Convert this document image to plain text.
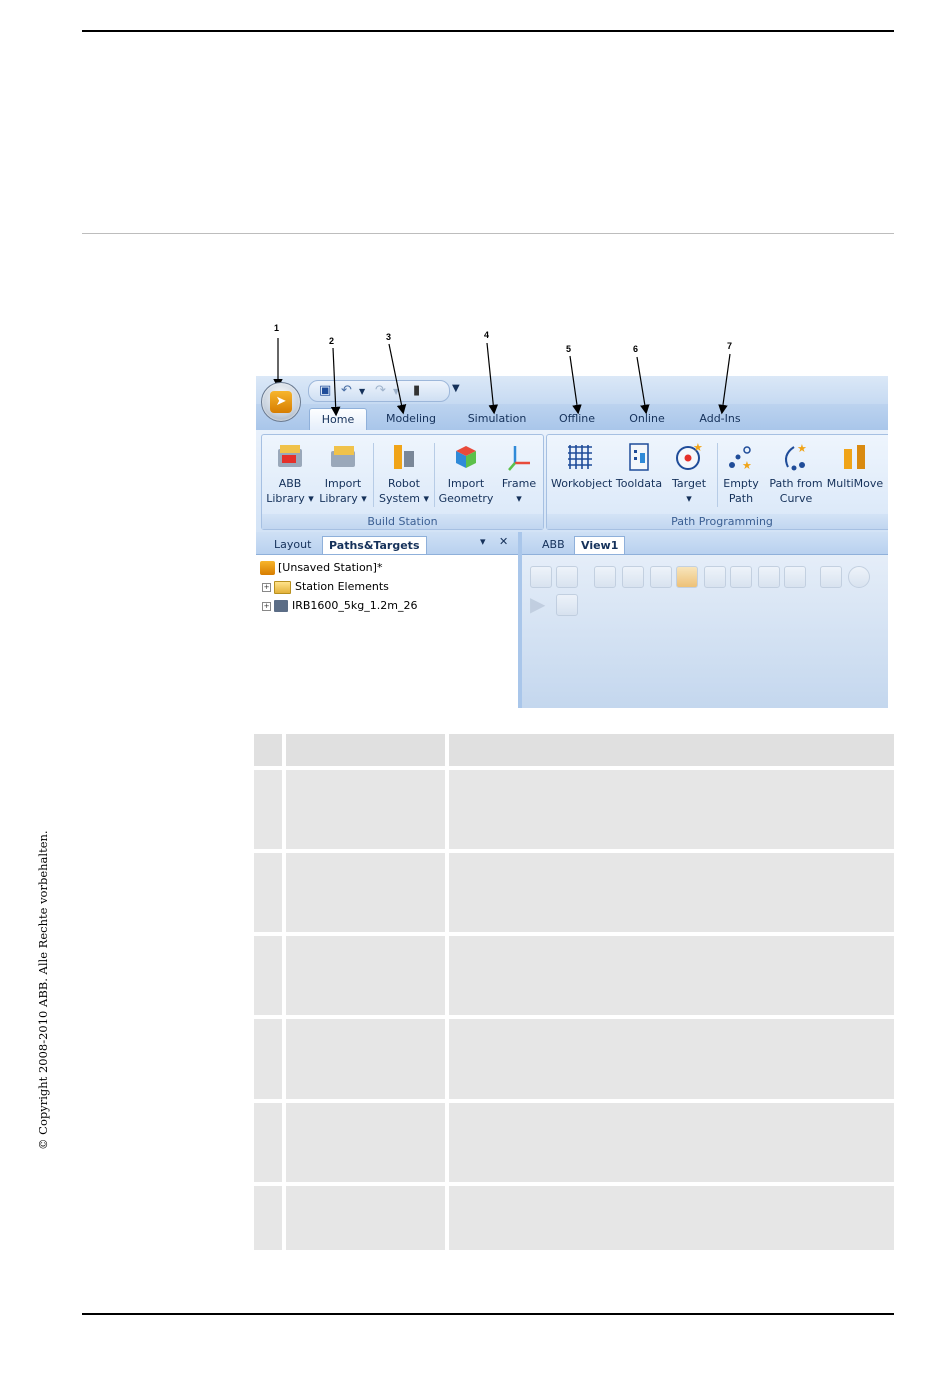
© Copyright 2008-2010 ABB. Alle Rechte vorbehalten.
▣ ↶ ▼ ↷ ▼ ▮	▼
➤
Home	Modeling	Simulation	Offline	Online	Add-Ins
ABB
Library ▾
Import
Library ▾
Robot
System ▾
Import
Geometry
Frame
▾
Build Station
Workobject Tooldata
★
Target
▾
★
Empty
Path
★
Path from
Curve
MultiMove
Path Programming
Layout	Paths&Targets	▾ ✕
[Unsaved Station]*
+ Station Elements
+ IRB1600_5kg_1.2m_26
ABB	View1
▶
1
2	3	4
5	6	7
